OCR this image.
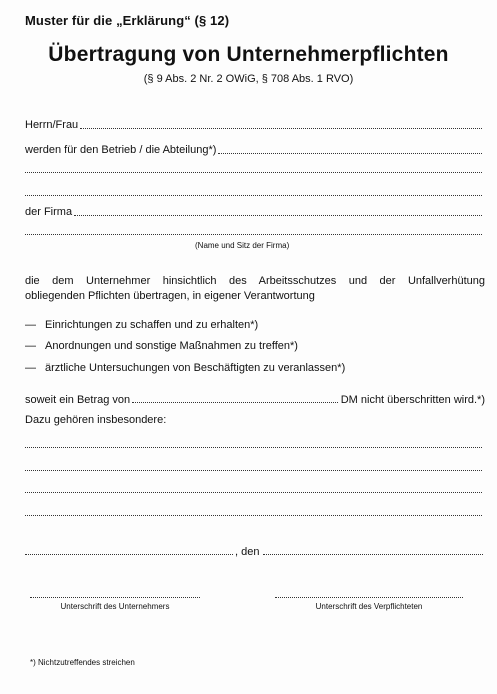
Muster für die „Erklärung“ (§ 12)
Übertragung von Unternehmerpflichten
(§ 9 Abs. 2 Nr. 2 OWiG, § 708 Abs. 1 RVO)
Herrn/Frau
werden für den Betrieb / die Abteilung*)
der Firma
(Name und Sitz der Firma)
die dem Unternehmer hinsichtlich des Arbeitsschutzes und der Unfallverhütung
obliegenden Pflichten übertragen, in eigener Verantwortung
— Einrichtungen zu schaffen und zu erhalten*)
— Anordnungen und sonstige Maßnahmen zu treffen*)
— ärztliche Untersuchungen von Beschäftigten zu veranlassen*)
soweit ein Betrag von	DM nicht überschritten wird.*)
Dazu gehören insbesondere:
, den
Unterschrift des Unternehmers	Unterschrift des Verpflichteten
*) Nichtzutreffendes streichen
